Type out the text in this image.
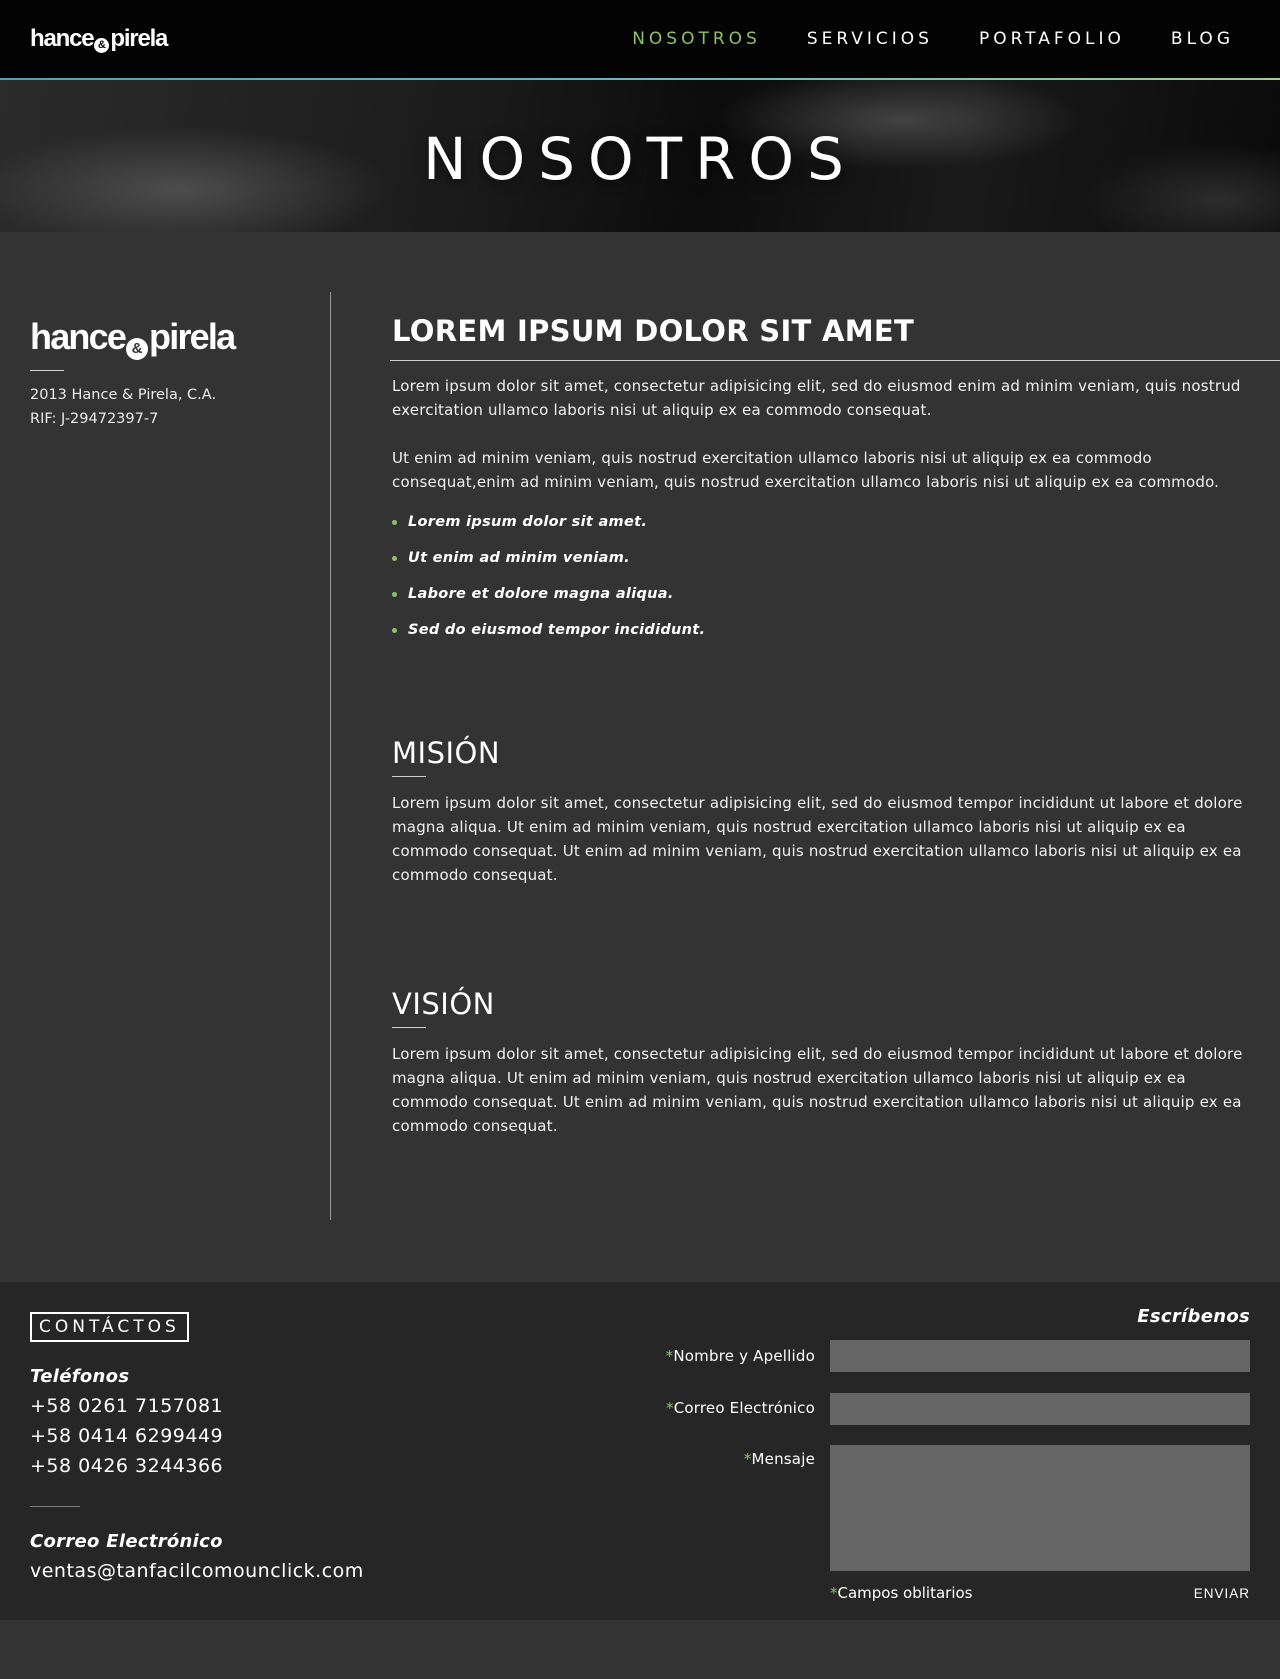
hance & pirela	NOSOTROS	SERVICIOS	PORTAFOLIO	BLOG
NOSOTROS
hance & pirela
2013 Hance & Pirela, C.A.
RIF: J-29472397-7
LOREM IPSUM DOLOR SIT AMET

Lorem ipsum dolor sit amet, consectetur adipisicing elit, sed do eiusmod enim ad minim veniam, quis nostrud exercitation ullamco laboris nisi ut aliquip ex ea commodo consequat.

Ut enim ad minim veniam, quis nostrud exercitation ullamco laboris nisi ut aliquip ex ea commodo consequat,enim ad minim veniam, quis nostrud exercitation ullamco laboris nisi ut aliquip ex ea commodo.

Lorem ipsum dolor sit amet.
Ut enim ad minim veniam.
Labore et dolore magna aliqua.
Sed do eiusmod tempor incididunt.
MISIÓN

Lorem ipsum dolor sit amet, consectetur adipisicing elit, sed do eiusmod tempor incididunt ut labore et dolore magna aliqua. Ut enim ad minim veniam, quis nostrud exercitation ullamco laboris nisi ut aliquip ex ea commodo consequat. Ut enim ad minim veniam, quis nostrud exercitation ullamco laboris nisi ut aliquip ex ea commodo consequat.

VISIÓN

Lorem ipsum dolor sit amet, consectetur adipisicing elit, sed do eiusmod tempor incididunt ut labore et dolore magna aliqua. Ut enim ad minim veniam, quis nostrud exercitation ullamco laboris nisi ut aliquip ex ea commodo consequat. Ut enim ad minim veniam, quis nostrud exercitation ullamco laboris nisi ut aliquip ex ea commodo consequat.

CONTÁCTOS
Teléfonos
+58 0261 7157081
+58 0414 6299449
+58 0426 3244366
Correo Electrónico
ventas@tanfacilcomounclick.com
Escríbenos
*Nombre y Apellido
*Correo Electrónico
*Mensaje
*Campos oblitarios	ENVIAR
